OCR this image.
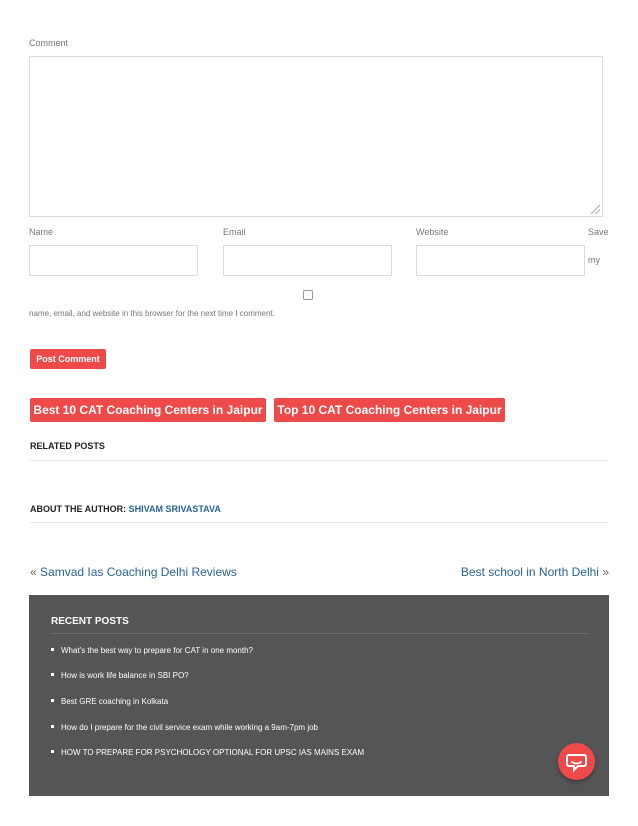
Comment
Name	Email	Website	Save
my
name, email, and website in this browser for the next time I comment.
Post Comment
Best 10 CAT Coaching Centers in Jaipur Top 10 CAT Coaching Centers in Jaipur
RELATED POSTS
ABOUT THE AUTHOR: SHIVAM SRIVASTAVA
« Samvad Ias Coaching Delhi Reviews	Best school in North Delhi »
RECENT POSTS
What's the best way to prepare for CAT in one month?
How is work life balance in SBI PO?
Best GRE coaching in Kolkata
How do I prepare for the civil service exam while working a 9am-7pm job
HOW TO PREPARE FOR PSYCHOLOGY OPTIONAL FOR UPSC IAS MAINS EXAM
